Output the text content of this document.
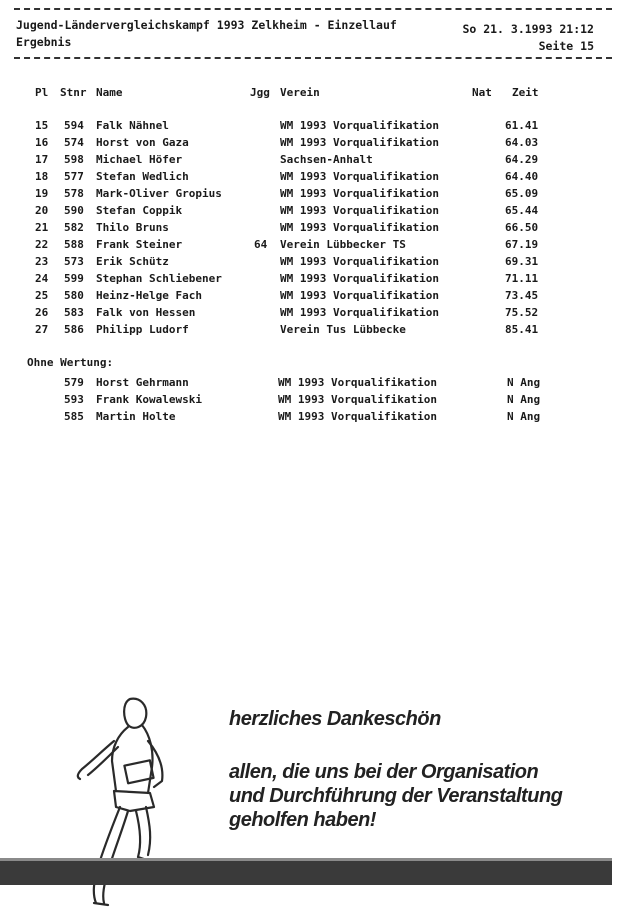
Jugend-Ländervergleichskampf 1993 Zelkheim - Einzellauf
Ergebnis
So 21. 3.1993 21:12
Seite 15
Pl Stnr Name	Jgg Verein	Nat Zeit
15 594 Falk Nähnel	WM 1993 Vorqualifikation	61.41
16 574 Horst von Gaza	WM 1993 Vorqualifikation	64.03
17 598 Michael Höfer	Sachsen-Anhalt	64.29
18 577 Stefan Wedlich	WM 1993 Vorqualifikation	64.40
19 578 Mark-Oliver Gropius	WM 1993 Vorqualifikation	65.09
20 590 Stefan Coppik	WM 1993 Vorqualifikation	65.44
21 582 Thilo Bruns	WM 1993 Vorqualifikation	66.50
22 588 Frank Steiner	64 Verein Lübbecker TS	67.19
23 573 Erik Schütz	WM 1993 Vorqualifikation	69.31
24 599 Stephan Schliebener	WM 1993 Vorqualifikation	71.11
25 580 Heinz-Helge Fach	WM 1993 Vorqualifikation	73.45
26 583 Falk von Hessen	WM 1993 Vorqualifikation	75.52
27 586 Philipp Ludorf	Verein Tus Lübbecke	85.41
Ohne Wertung:
579 Horst Gehrmann	WM 1993 Vorqualifikation	N Ang
593 Frank Kowalewski	WM 1993 Vorqualifikation	N Ang
585 Martin Holte	WM 1993 Vorqualifikation	N Ang
herzliches Dankeschön
allen, die uns bei der Organisation
und Durchführung der Veranstaltung
geholfen haben!
